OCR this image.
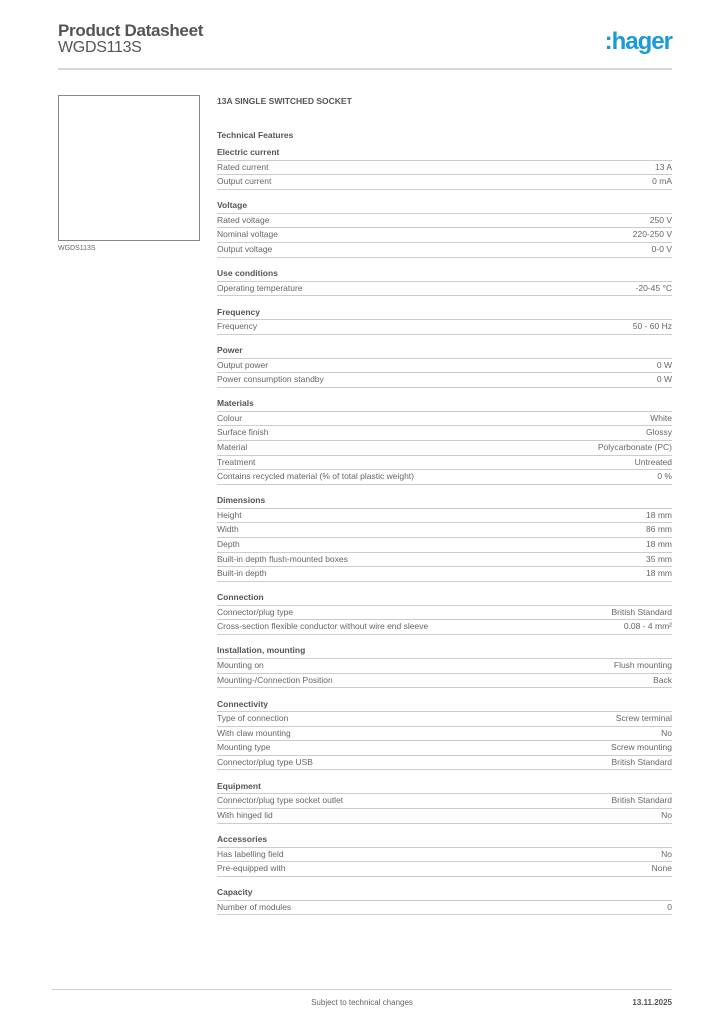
Product Datasheet
WGDS113S	:hager
WGDS113S
13A SINGLE SWITCHED SOCKET
Technical Features
Electric current
Rated current	13 A
Output current	0 mA
Voltage
Rated voltage	250 V
Nominal voltage	220-250 V
Output voltage	0-0 V
Use conditions
Operating temperature	-20-45 °C
Frequency
Frequency	50 - 60 Hz
Power
Output power	0 W
Power consumption standby	0 W
Materials
Colour	White
Surface finish	Glossy
Material	Polycarbonate (PC)
Treatment	Untreated
Contains recycled material (% of total plastic weight)	0 %
Dimensions
Height	18 mm
Width	86 mm
Depth	18 mm
Built-in depth flush-mounted boxes	35 mm
Built-in depth	18 mm
Connection
Connector/plug type	British Standard
Cross-section flexible conductor without wire end sleeve	0.08 - 4 mm²
Installation, mounting
Mounting on	Flush mounting
Mounting-/Connection Position	Back
Connectivity
Type of connection	Screw terminal
With claw mounting	No
Mounting type	Screw mounting
Connector/plug type USB	British Standard
Equipment
Connector/plug type socket outlet	British Standard
With hinged lid	No
Accessories
Has labelling field	No
Pre-equipped with	None
Capacity
Number of modules	0
Subject to technical changes	13.11.2025
